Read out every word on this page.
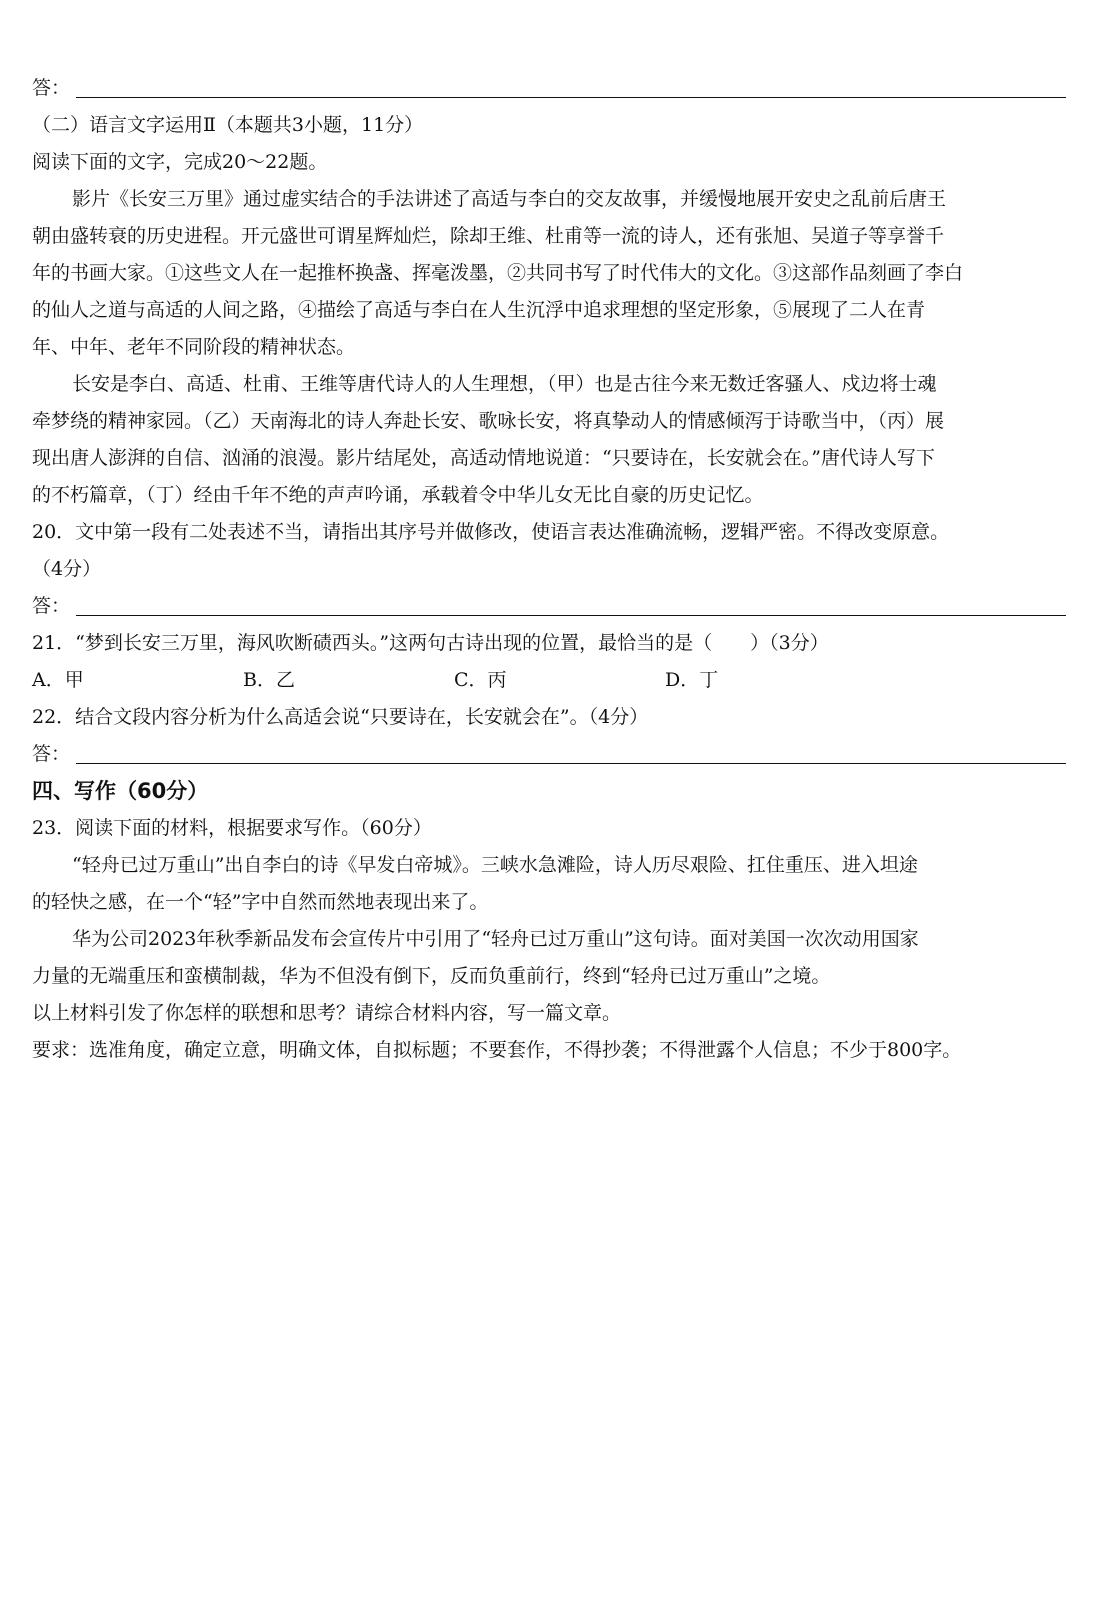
答：
（二）语言文字运用Ⅱ（本题共3小题，11分）
阅读下面的文字，完成20～22题。
影片《长安三万里》通过虚实结合的手法讲述了高适与李白的交友故事，并缓慢地展开安史之乱前后唐王
朝由盛转衰的历史进程。开元盛世可谓星辉灿烂，除却王维、杜甫等一流的诗人，还有张旭、吴道子等享誉千
年的书画大家。①这些文人在一起推杯换盏、挥毫泼墨，②共同书写了时代伟大的文化。③这部作品刻画了李白
的仙人之道与高适的人间之路，④描绘了高适与李白在人生沉浮中追求理想的坚定形象，⑤展现了二人在青
年、中年、老年不同阶段的精神状态。
长安是李白、高适、杜甫、王维等唐代诗人的人生理想，（甲）也是古往今来无数迁客骚人、戍边将士魂
牵梦绕的精神家园。（乙）天南海北的诗人奔赴长安、歌咏长安，将真挚动人的情感倾泻于诗歌当中，（丙）展
现出唐人澎湃的自信、汹涌的浪漫。影片结尾处，高适动情地说道：“只要诗在，长安就会在。”唐代诗人写下
的不朽篇章，（丁）经由千年不绝的声声吟诵，承载着令中华儿女无比自豪的历史记忆。
20．文中第一段有二处表述不当，请指出其序号并做修改，使语言表达准确流畅，逻辑严密。不得改变原意。
（4分）
答：
21．“梦到长安三万里，海风吹断碛西头。”这两句古诗出现的位置，最恰当的是（　　）（3分）
A．甲	B．乙	C．丙	D．丁
22．结合文段内容分析为什么高适会说“只要诗在，长安就会在”。（4分）
答：
四、写作（60分）
23．阅读下面的材料，根据要求写作。（60分）
“轻舟已过万重山”出自李白的诗《早发白帝城》。三峡水急滩险，诗人历尽艰险、扛住重压、进入坦途
的轻快之感，在一个“轻”字中自然而然地表现出来了。
华为公司2023年秋季新品发布会宣传片中引用了“轻舟已过万重山”这句诗。面对美国一次次动用国家
力量的无端重压和蛮横制裁，华为不但没有倒下，反而负重前行，终到“轻舟已过万重山”之境。
以上材料引发了你怎样的联想和思考？请综合材料内容，写一篇文章。
要求：选准角度，确定立意，明确文体，自拟标题；不要套作，不得抄袭；不得泄露个人信息；不少于800字。
